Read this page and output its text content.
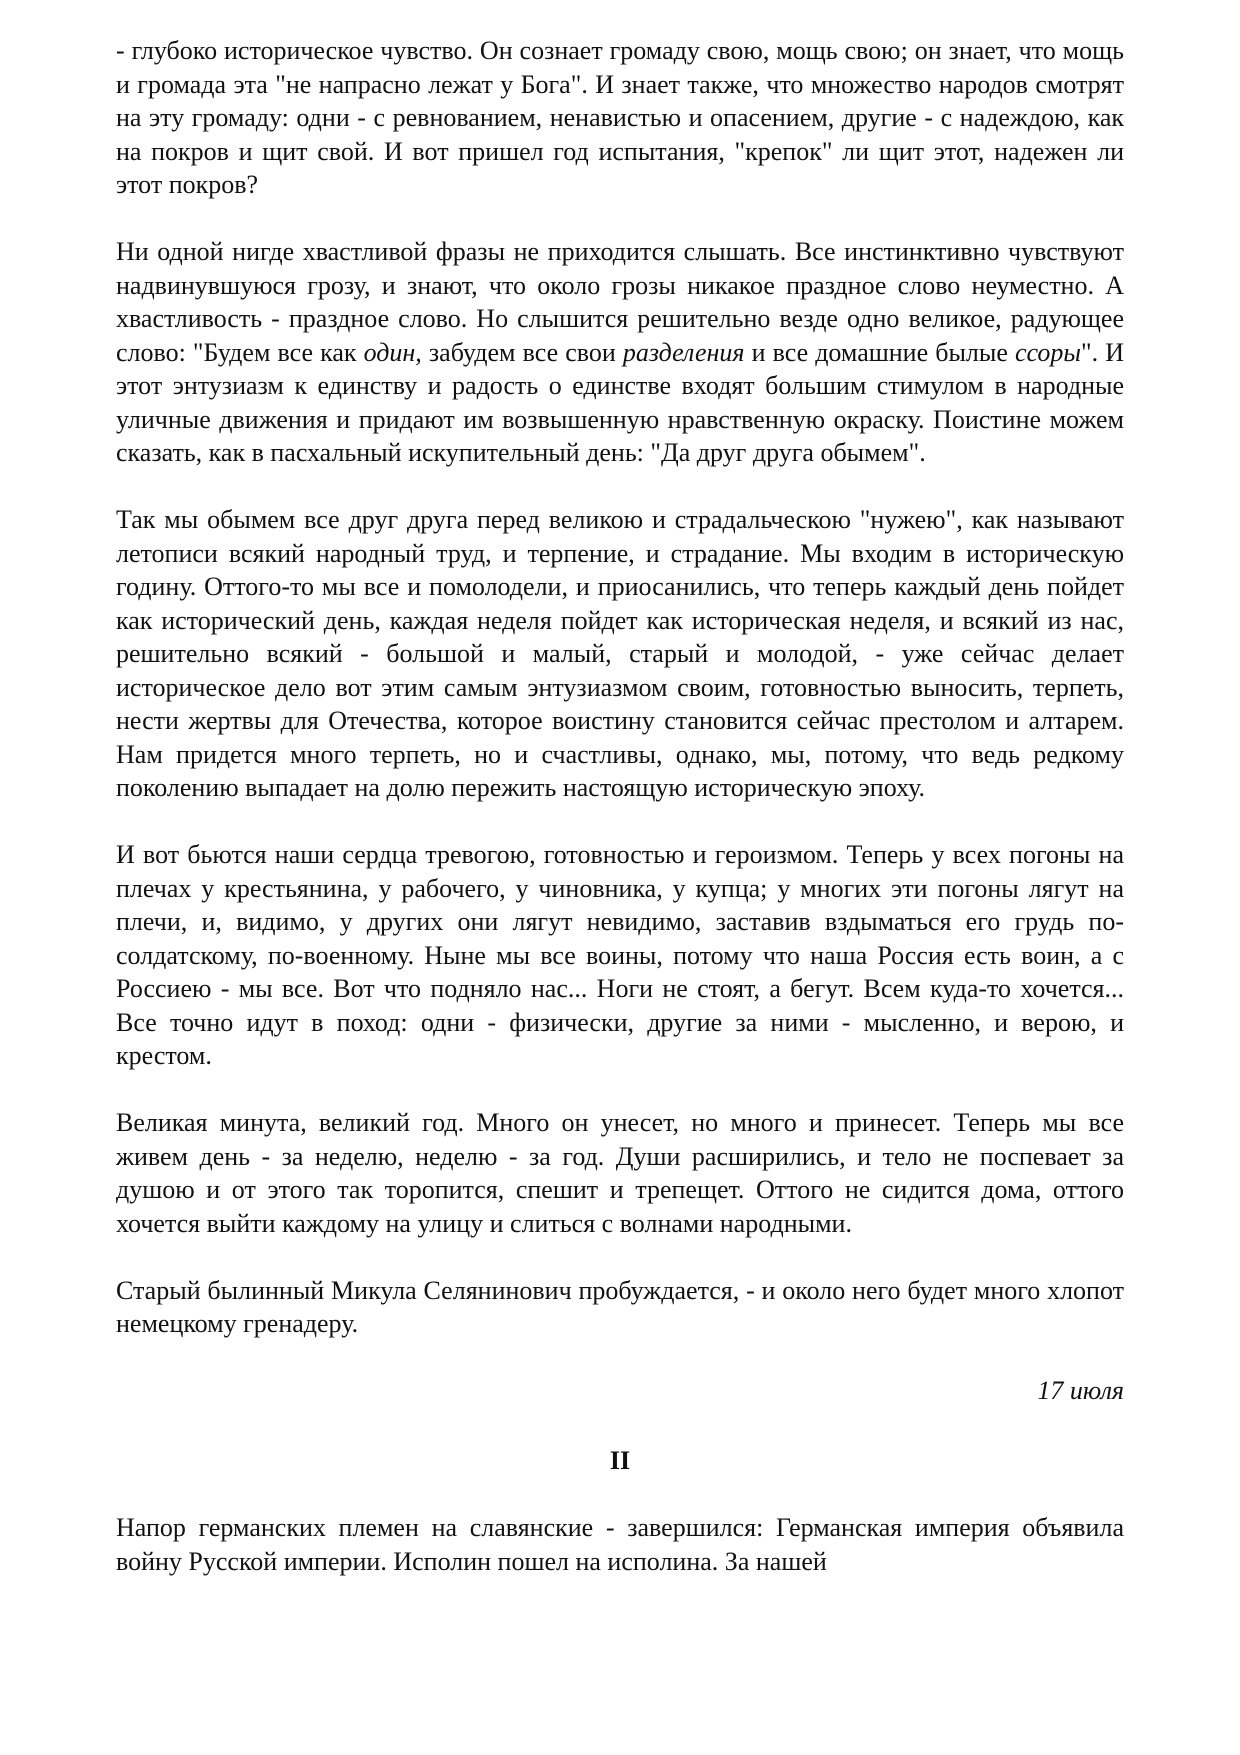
- глубоко историческое чувство. Он сознает громаду свою, мощь свою; он знает, что мощь и громада эта "не напрасно лежат у Бога". И знает также, что множество народов смотрят на эту громаду: одни - с ревнованием, ненавистью и опасением, другие - с надеждою, как на покров и щит свой. И вот пришел год испытания, "крепок" ли щит этот, надежен ли этот покров?

Ни одной нигде хвастливой фразы не приходится слышать. Все инстинктивно чувствуют надвинувшуюся грозу, и знают, что около грозы никакое праздное слово неуместно. А хвастливость - праздное слово. Но слышится решительно везде одно великое, радующее слово: "Будем все как один, забудем все свои разделения и все домашние былые ссоры". И этот энтузиазм к единству и радость о единстве входят большим стимулом в народные уличные движения и придают им возвышенную нравственную окраску. Поистине можем сказать, как в пасхальный искупительный день: "Да друг друга обымем".

Так мы обымем все друг друга перед великою и страдальческою "нужею", как называют летописи всякий народный труд, и терпение, и страдание. Мы входим в историческую годину. Оттого-то мы все и помолодели, и приосанились, что теперь каждый день пойдет как исторический день, каждая неделя пойдет как историческая неделя, и всякий из нас, решительно всякий - большой и малый, старый и молодой, - уже сейчас делает историческое дело вот этим самым энтузиазмом своим, готовностью выносить, терпеть, нести жертвы для Отечества, которое воистину становится сейчас престолом и алтарем. Нам придется много терпеть, но и счастливы, однако, мы, потому, что ведь редкому поколению выпадает на долю пережить настоящую историческую эпоху.

И вот бьются наши сердца тревогою, готовностью и героизмом. Теперь у всех погоны на плечах у крестьянина, у рабочего, у чиновника, у купца; у многих эти погоны лягут на плечи, и, видимо, у других они лягут невидимо, заставив вздыматься его грудь по-солдатскому, по-военному. Ныне мы все воины, потому что наша Россия есть воин, а с Россиею - мы все. Вот что подняло нас... Ноги не стоят, а бегут. Всем куда-то хочется... Все точно идут в поход: одни - физически, другие за ними - мысленно, и верою, и крестом.

Великая минута, великий год. Много он унесет, но много и принесет. Теперь мы все живем день - за неделю, неделю - за год. Души расширились, и тело не поспевает за душою и от этого так торопится, спешит и трепещет. Оттого не сидится дома, оттого хочется выйти каждому на улицу и слиться с волнами народными.

Старый былинный Микула Селянинович пробуждается, - и около него будет много хлопот немецкому гренадеру.

17 июля
II

Напор германских племен на славянские - завершился: Германская империя объявила войну Русской империи. Исполин пошел на исполина. За нашей
